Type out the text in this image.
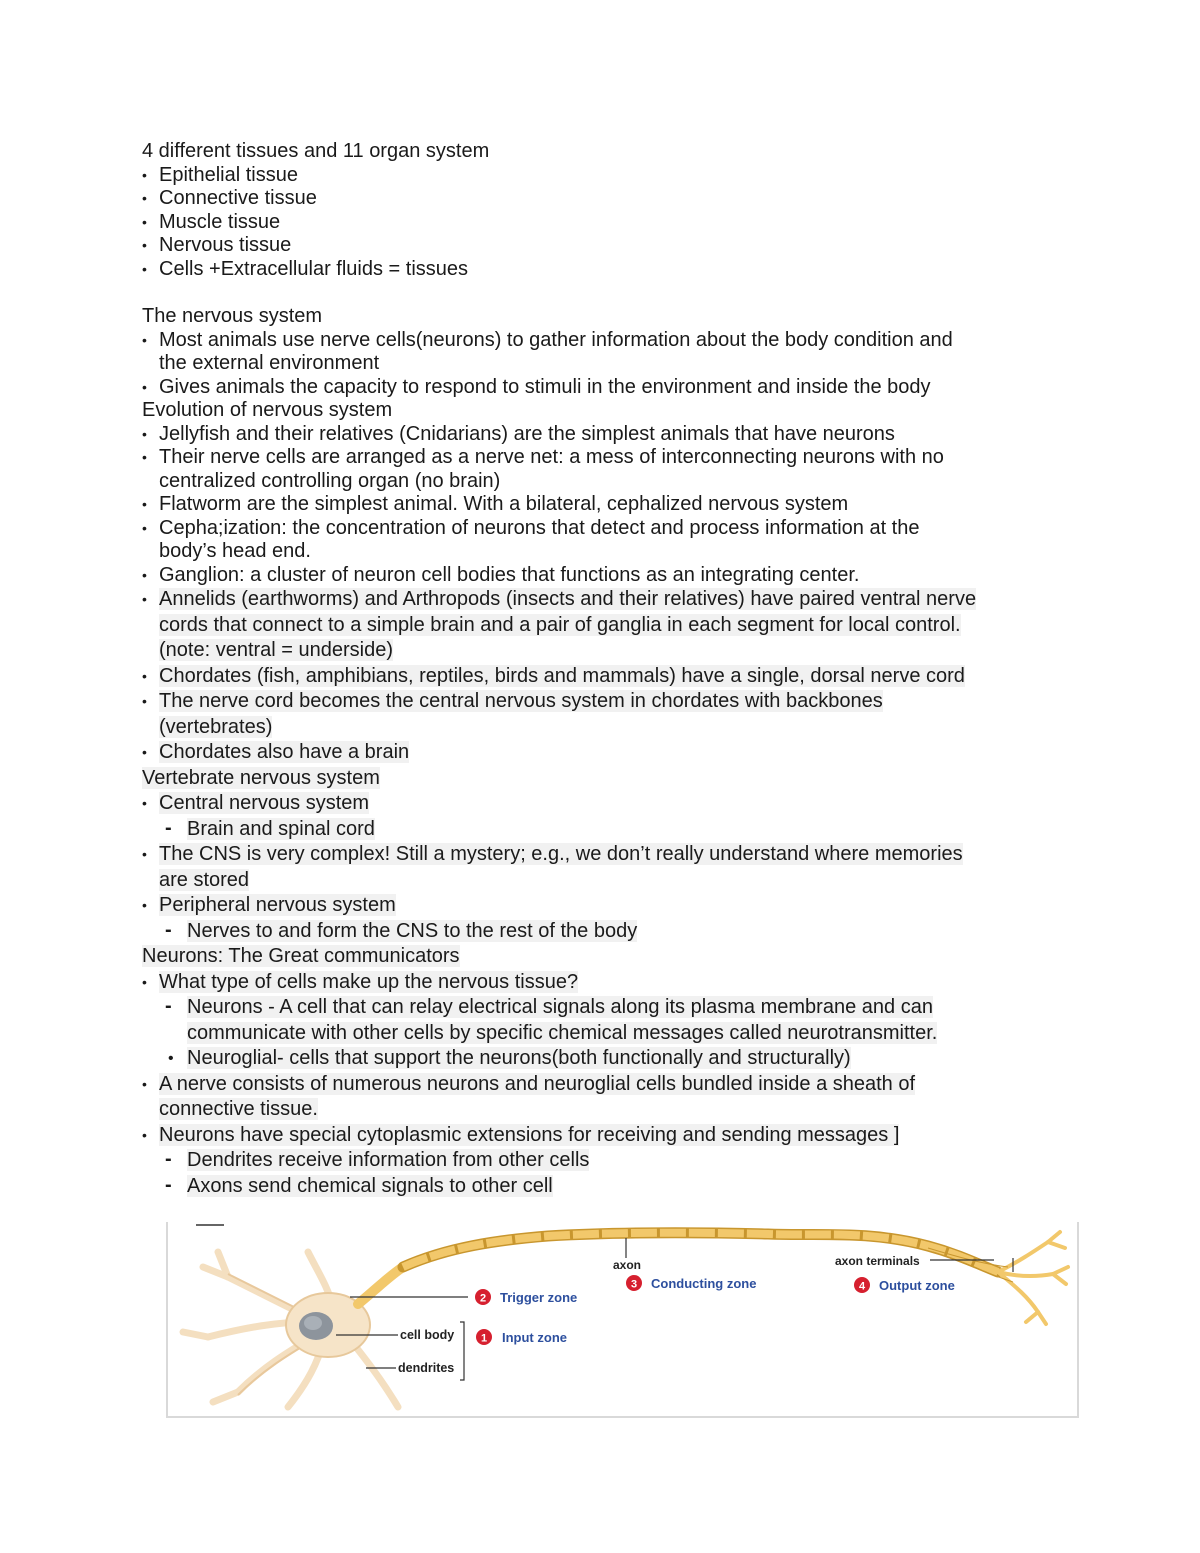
4 different tissues and 11 organ system
• Epithelial tissue
• Connective tissue
• Muscle tissue
• Nervous tissue
• Cells +Extracellular fluids = tissues
The nervous system
• Most animals use nerve cells(neurons) to gather information about the body condition and
the external environment
• Gives animals the capacity to respond to stimuli in the environment and inside the body
Evolution of nervous system
• Jellyfish and their relatives (Cnidarians) are the simplest animals that have neurons
• Their nerve cells are arranged as a nerve net: a mess of interconnecting neurons with no
centralized controlling organ (no brain)
• Flatworm are the simplest animal. With a bilateral, cephalized nervous system
• Cepha;ization: the concentration of neurons that detect and process information at the
body’s head end.
• Ganglion: a cluster of neuron cell bodies that functions as an integrating center.
• Annelids (earthworms) and Arthropods (insects and their relatives) have paired ventral nerve
cords that connect to a simple brain and a pair of ganglia in each segment for local control.
(note: ventral = underside)
• Chordates (fish, amphibians, reptiles, birds and mammals) have a single, dorsal nerve cord
• The nerve cord becomes the central nervous system in chordates with backbones
(vertebrates)
• Chordates also have a brain
Vertebrate nervous system
• Central nervous system
- Brain and spinal cord
• The CNS is very complex! Still a mystery; e.g., we don’t really understand where memories
are stored
• Peripheral nervous system
- Nerves to and form the CNS to the rest of the body
Neurons: The Great communicators
• What type of cells make up the nervous tissue?
- Neurons - A cell that can relay electrical signals along its plasma membrane and can
communicate with other cells by specific chemical messages called neurotransmitter.
• Neuroglial- cells that support the neurons(both functionally and structurally)
• A nerve consists of numerous neurons and neuroglial cells bundled inside a sheath of
connective tissue.
• Neurons have special cytoplasmic extensions for receiving and sending messages ]
- Dendrites receive information from other cells
- Axons send chemical signals to other cell
axon	axon terminals
cell body
dendrites
1 Input zone
2 Trigger zone
3 Conducting zone	4 Output zone
